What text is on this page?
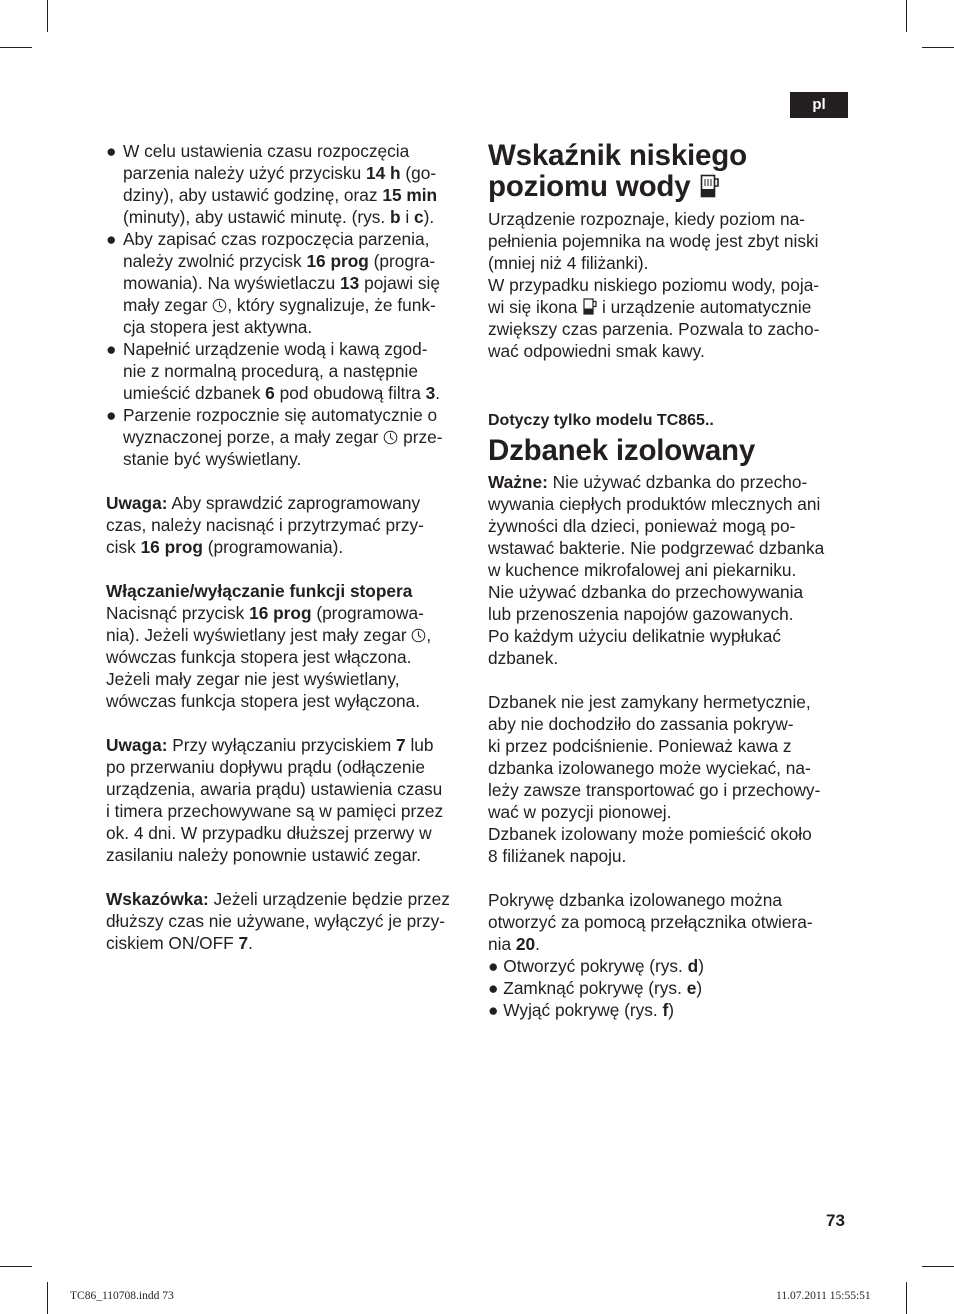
pl
● W celu ustawienia czasu rozpoczęcia
parzenia należy użyć przycisku 14 h (go-
dziny), aby ustawić godzinę, oraz 15 min
(minuty), aby ustawić minutę. (rys. b i c).
● Aby zapisać czas rozpoczęcia parzenia,
należy zwolnić przycisk 16 prog (progra-
mowania). Na wyświetlaczu 13 pojawi się
mały zegar , który sygnalizuje, że funk-
cja stopera jest aktywna.
● Napełnić urządzenie wodą i kawą zgod-
nie z normalną procedurą, a następnie
umieścić dzbanek 6 pod obudową filtra 3.
● Parzenie rozpocznie się automatycznie o
wyznaczonej porze, a mały zegar  prze-
stanie być wyświetlany.
Uwaga: Aby sprawdzić zaprogramowany
czas, należy nacisnąć i przytrzymać przy-
cisk 16 prog (programowania).
Włączanie/wyłączanie funkcji stopera
Nacisnąć przycisk 16 prog (programowa-
nia). Jeżeli wyświetlany jest mały zegar ,
wówczas funkcja stopera jest włączona.
Jeżeli mały zegar nie jest wyświetlany,
wówczas funkcja stopera jest wyłączona.
Uwaga: Przy wyłączaniu przyciskiem 7 lub
po przerwaniu dopływu prądu (odłączenie
urządzenia, awaria prądu) ustawienia czasu
i timera przechowywane są w pamięci przez
ok. 4 dni. W przypadku dłuższej przerwy w
zasilaniu należy ponownie ustawić zegar.
Wskazówka: Jeżeli urządzenie będzie przez
dłuższy czas nie używane, wyłączyć je przy-
ciskiem ON/OFF 7.
Wskaźnik niskiego
poziomu wody
Urządzenie rozpoznaje, kiedy poziom na-
pełnienia pojemnika na wodę jest zbyt niski
(mniej niż 4 filiżanki).
W przypadku niskiego poziomu wody, poja-
wi się ikona  i urządzenie automatycznie
zwiększy czas parzenia. Pozwala to zacho-
wać odpowiedni smak kawy.
Dotyczy tylko modelu TC865..
Dzbanek izolowany
Ważne: Nie używać dzbanka do przecho-
wywania ciepłych produktów mlecznych ani
żywności dla dzieci, ponieważ mogą po-
wstawać bakterie. Nie podgrzewać dzbanka
w kuchence mikrofalowej ani piekarniku.
Nie używać dzbanka do przechowywania
lub przenoszenia napojów gazowanych.
Po każdym użyciu delikatnie wypłukać
dzbanek.
Dzbanek nie jest zamykany hermetycznie,
aby nie dochodziło do zassania pokryw-
ki przez podciśnienie. Ponieważ kawa z
dzbanka izolowanego może wyciekać, na-
leży zawsze transportować go i przechowy-
wać w pozycji pionowej.
Dzbanek izolowany może pomieścić około
8 filiżanek napoju.
Pokrywę dzbanka izolowanego można
otworzyć za pomocą przełącznika otwiera-
nia 20.
● Otworzyć pokrywę (rys. d)
● Zamknąć pokrywę (rys. e)
● Wyjąć pokrywę (rys. f)
73
TC86_110708.indd 73	11.07.2011 15:55:51
